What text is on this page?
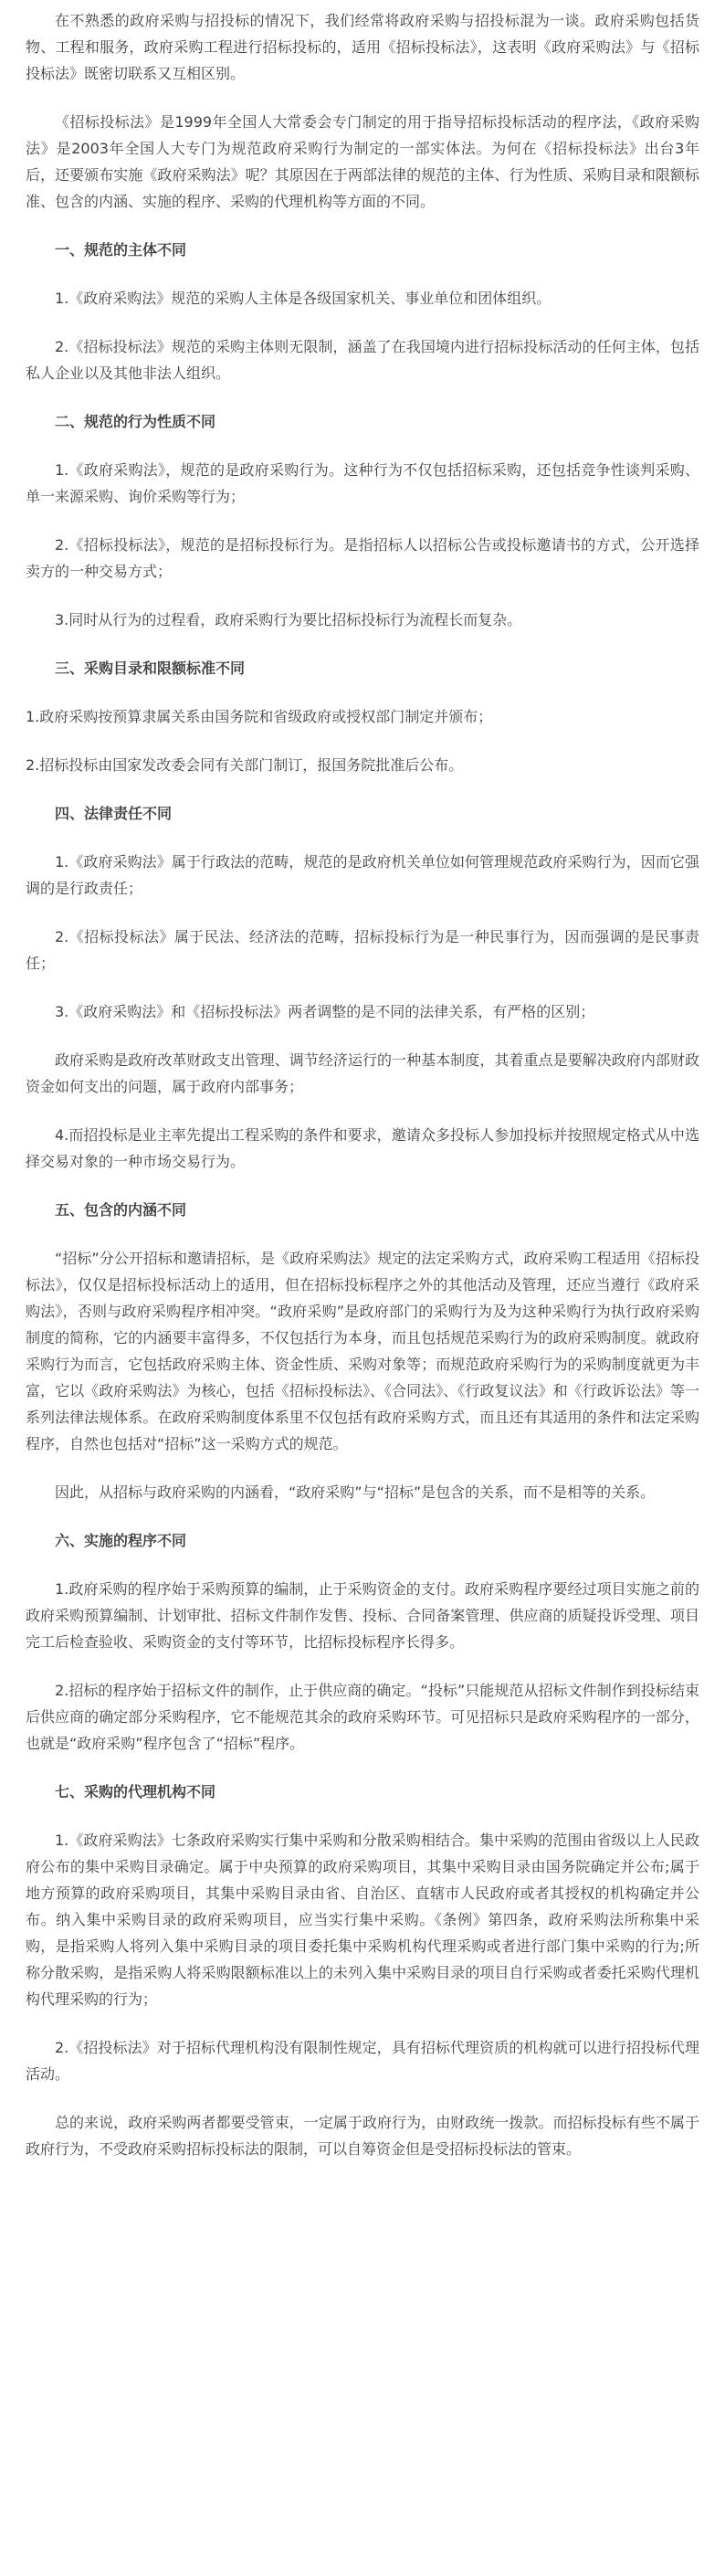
在不熟悉的政府采购与招投标的情况下，我们经常将政府采购与招投标混为一谈。政府采购包括货物、工程和服务，政府采购工程进行招标投标的，适用《招标投标法》，这表明《政府采购法》与《招标投标法》既密切联系又互相区别。

《招标投标法》是1999年全国人大常委会专门制定的用于指导招标投标活动的程序法，《政府采购法》是2003年全国人大专门为规范政府采购行为制定的一部实体法。为何在《招标投标法》出台3年后，还要颁布实施《政府采购法》呢？其原因在于两部法律的规范的主体、行为性质、采购目录和限额标准、包含的内涵、实施的程序、采购的代理机构等方面的不同。

一、规范的主体不同

1.《政府采购法》规范的采购人主体是各级国家机关、事业单位和团体组织。

2.《招标投标法》规范的采购主体则无限制，涵盖了在我国境内进行招标投标活动的任何主体，包括私人企业以及其他非法人组织。

二、规范的行为性质不同

1.《政府采购法》，规范的是政府采购行为。这种行为不仅包括招标采购，还包括竞争性谈判采购、单一来源采购、询价采购等行为；

2.《招标投标法》，规范的是招标投标行为。是指招标人以招标公告或投标邀请书的方式，公开选择卖方的一种交易方式；

3.同时从行为的过程看，政府采购行为要比招标投标行为流程长而复杂。

三、采购目录和限额标准不同

1.政府采购按预算隶属关系由国务院和省级政府或授权部门制定并颁布；

2.招标投标由国家发改委会同有关部门制订，报国务院批准后公布。

四、法律责任不同

1.《政府采购法》属于行政法的范畴，规范的是政府机关单位如何管理规范政府采购行为，因而它强调的是行政责任；

2.《招标投标法》属于民法、经济法的范畴，招标投标行为是一种民事行为，因而强调的是民事责任；

3.《政府采购法》和《招标投标法》两者调整的是不同的法律关系，有严格的区别；

政府采购是政府改革财政支出管理、调节经济运行的一种基本制度，其着重点是要解决政府内部财政资金如何支出的问题，属于政府内部事务；

4.而招投标是业主率先提出工程采购的条件和要求，邀请众多投标人参加投标并按照规定格式从中选择交易对象的一种市场交易行为。

五、包含的内涵不同

“招标”分公开招标和邀请招标，是《政府采购法》规定的法定采购方式，政府采购工程适用《招标投标法》，仅仅是招标投标活动上的适用，但在招标投标程序之外的其他活动及管理，还应当遵行《政府采购法》，否则与政府采购程序相冲突。“政府采购”是政府部门的采购行为及为这种采购行为执行政府采购制度的简称，它的内涵要丰富得多，不仅包括行为本身，而且包括规范采购行为的政府采购制度。就政府采购行为而言，它包括政府采购主体、资金性质、采购对象等；而规范政府采购行为的采购制度就更为丰富，它以《政府采购法》为核心，包括《招标投标法》、《合同法》、《行政复议法》和《行政诉讼法》等一系列法律法规体系。在政府采购制度体系里不仅包括有政府采购方式，而且还有其适用的条件和法定采购程序，自然也包括对“招标”这一采购方式的规范。

因此，从招标与政府采购的内涵看，“政府采购”与“招标”是包含的关系，而不是相等的关系。

六、实施的程序不同

1.政府采购的程序始于采购预算的编制，止于采购资金的支付。政府采购程序要经过项目实施之前的政府采购预算编制、计划审批、招标文件制作发售、投标、合同备案管理、供应商的质疑投诉受理、项目完工后检查验收、采购资金的支付等环节，比招标投标程序长得多。

2.招标的程序始于招标文件的制作，止于供应商的确定。“投标”只能规范从招标文件制作到投标结束后供应商的确定部分采购程序，它不能规范其余的政府采购环节。可见招标只是政府采购程序的一部分，也就是“政府采购”程序包含了“招标”程序。

七、采购的代理机构不同

1.《政府采购法》七条政府采购实行集中采购和分散采购相结合。集中采购的范围由省级以上人民政府公布的集中采购目录确定。属于中央预算的政府采购项目，其集中采购目录由国务院确定并公布;属于地方预算的政府采购项目，其集中采购目录由省、自治区、直辖市人民政府或者其授权的机构确定并公布。纳入集中采购目录的政府采购项目，应当实行集中采购。《条例》第四条，政府采购法所称集中采购，是指采购人将列入集中采购目录的项目委托集中采购机构代理采购或者进行部门集中采购的行为;所称分散采购，是指采购人将采购限额标准以上的未列入集中采购目录的项目自行采购或者委托采购代理机构代理采购的行为；

2.《招投标法》对于招标代理机构没有限制性规定，具有招标代理资质的机构就可以进行招投标代理活动。

总的来说，政府采购两者都要受管束，一定属于政府行为，由财政统一拨款。而招标投标有些不属于政府行为，不受政府采购招标投标法的限制，可以自筹资金但是受招标投标法的管束。
